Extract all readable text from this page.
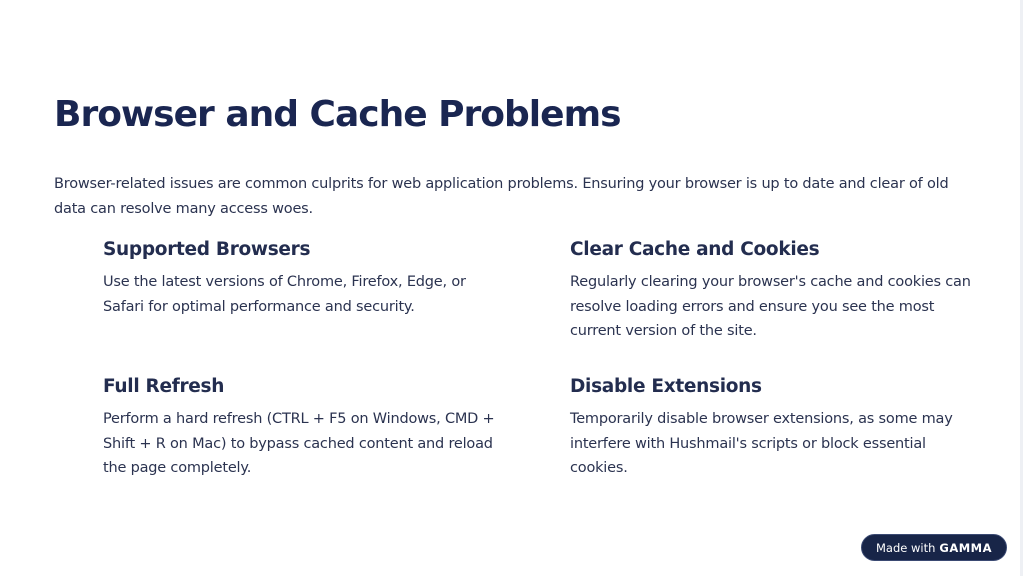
Browser and Cache Problems

Browser-related issues are common culprits for web application problems. Ensuring your browser is up to date and clear of old data can resolve many access woes.

Supported Browsers

Use the latest versions of Chrome, Firefox, Edge, or Safari for optimal performance and security.

Clear Cache and Cookies

Regularly clearing your browser's cache and cookies can resolve loading errors and ensure you see the most current version of the site.

Full Refresh

Perform a hard refresh (CTRL + F5 on Windows, CMD + Shift + R on Mac) to bypass cached content and reload the page completely.

Disable Extensions

Temporarily disable browser extensions, as some may interfere with Hushmail's scripts or block essential cookies.

Made with GAMMA
